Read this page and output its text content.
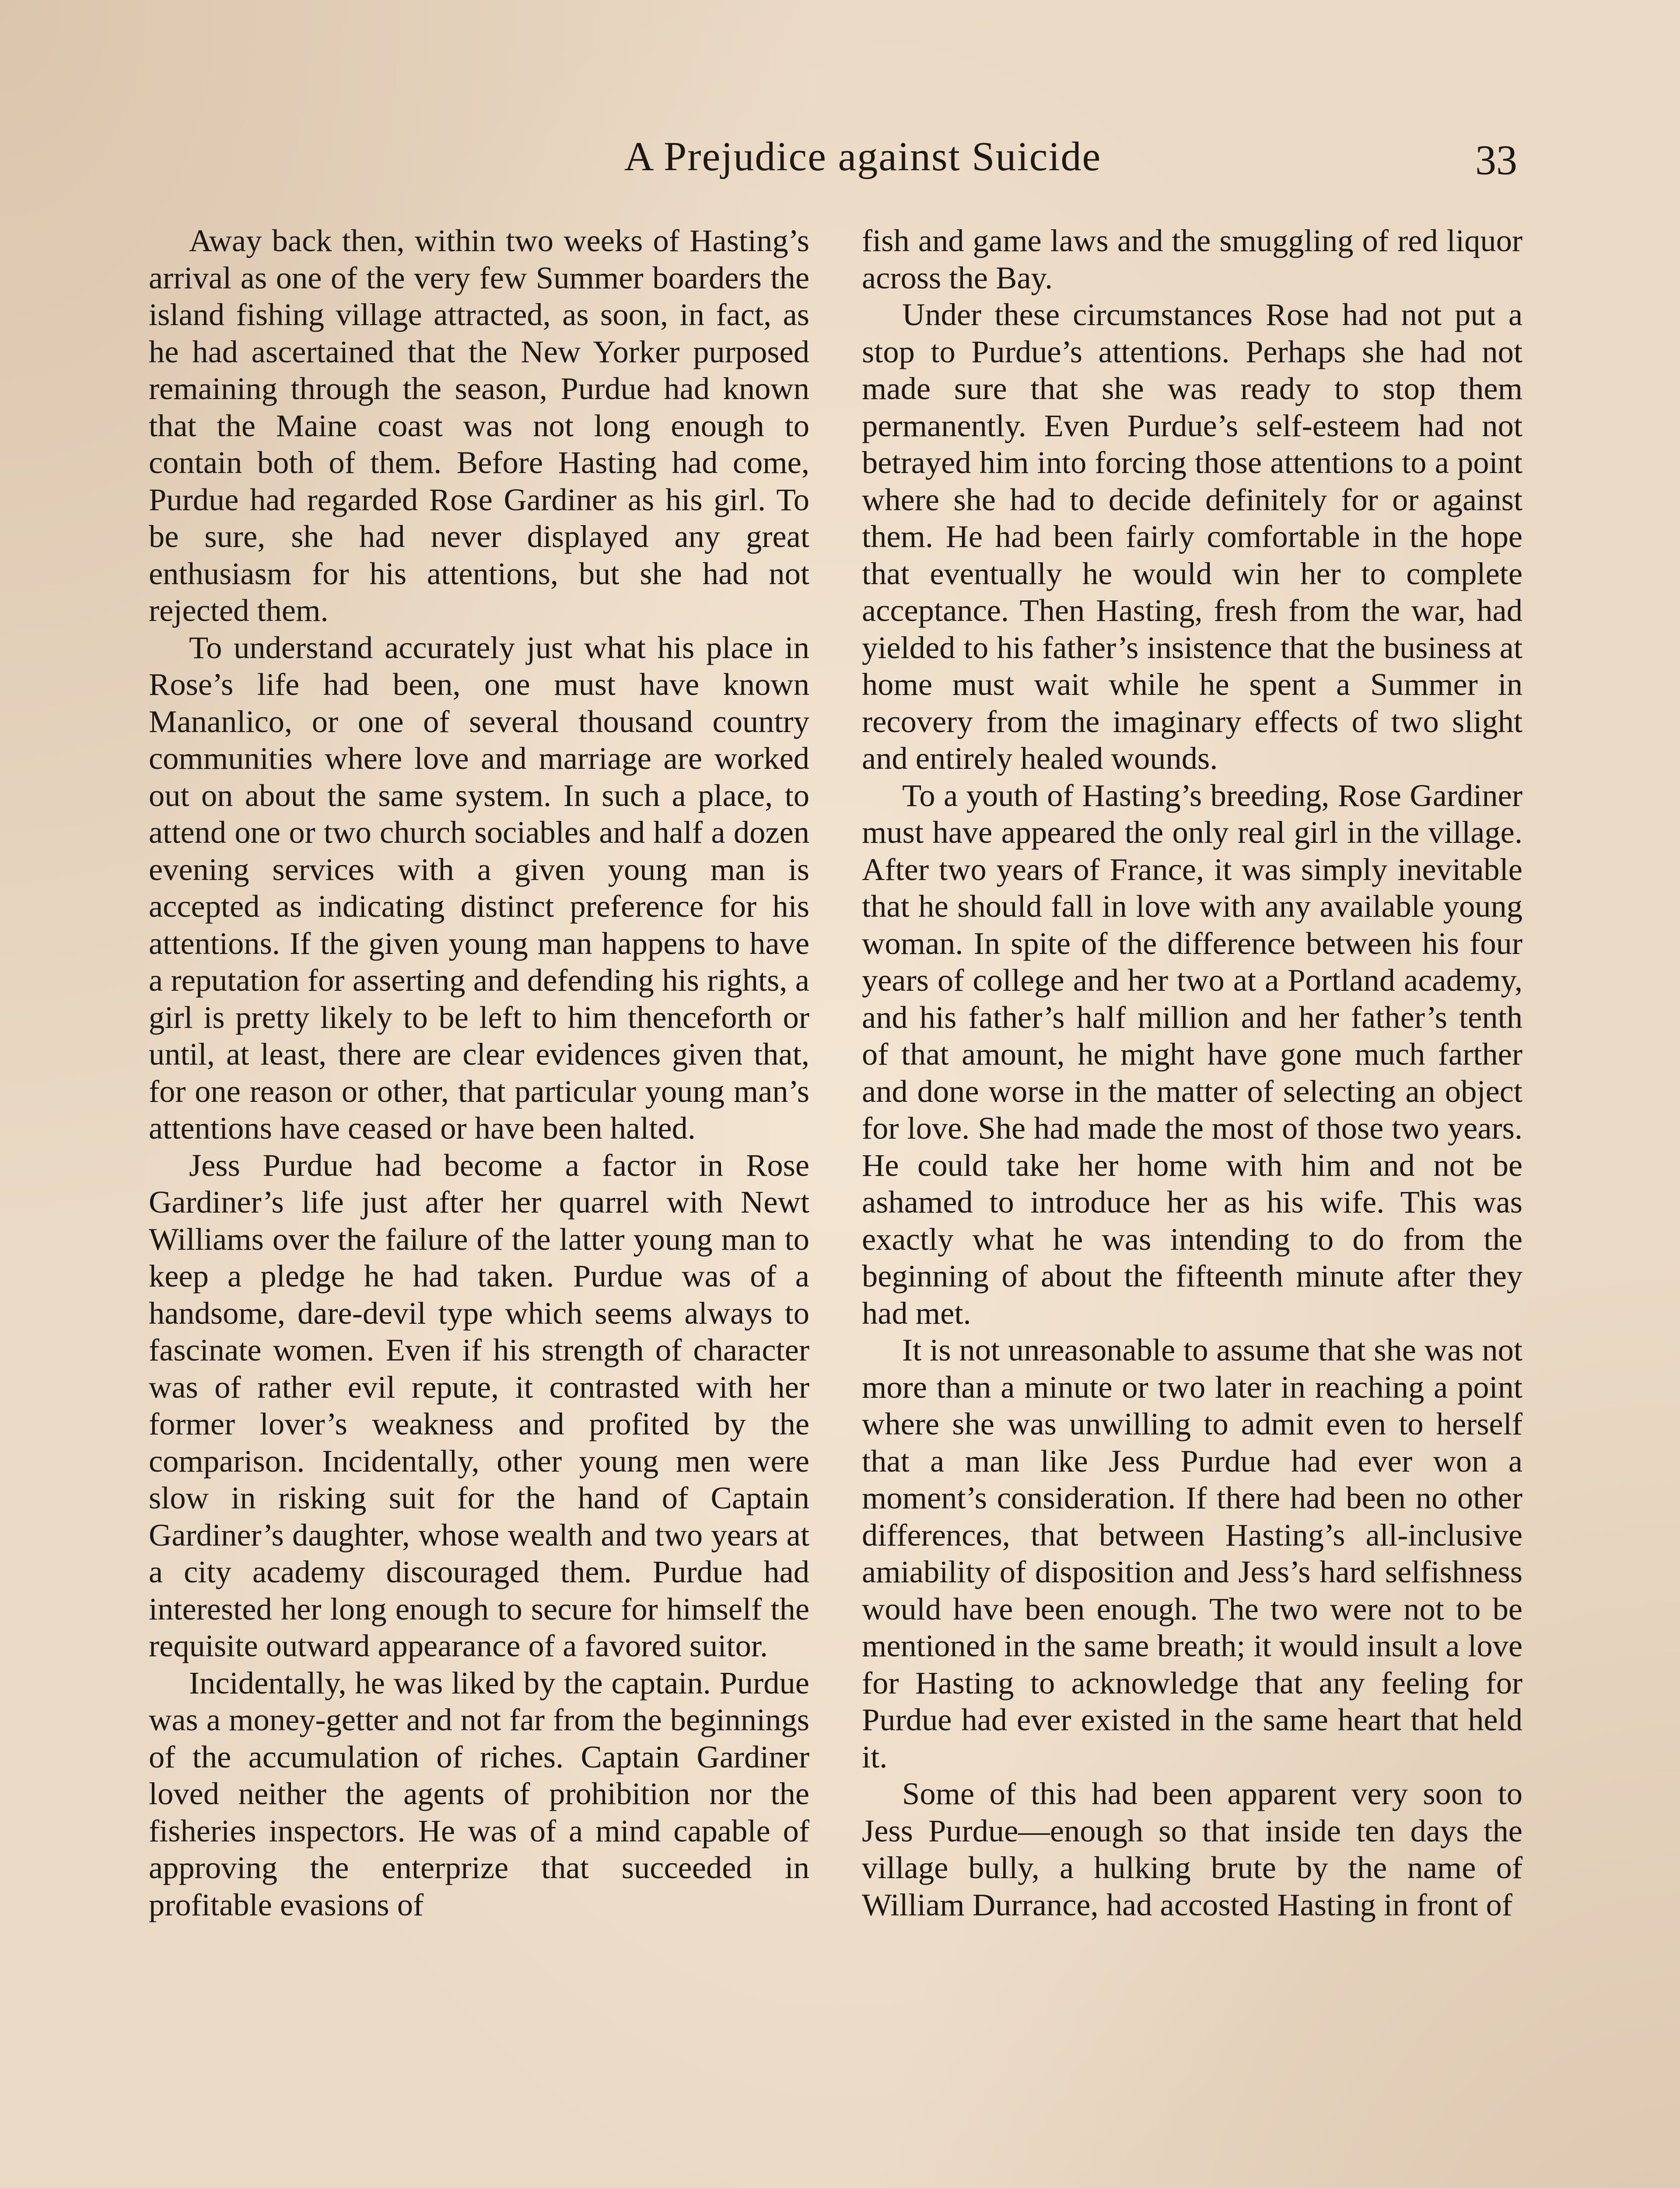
A Prejudice against Suicide	33

Away back then, within two weeks of Hasting’s arrival as one of the very few Summer boarders the island fishing village attracted, as soon, in fact, as he had ascertained that the New Yorker purposed remaining through the season, Purdue had known that the Maine coast was not long enough to contain both of them. Before Hasting had come, Purdue had regarded Rose Gardiner as his girl. To be sure, she had never displayed any great enthusiasm for his attentions, but she had not rejected them.

To understand accurately just what his place in Rose’s life had been, one must have known Mananlico, or one of several thousand country communities where love and marriage are worked out on about the same system. In such a place, to attend one or two church sociables and half a dozen evening services with a given young man is accepted as indicating distinct preference for his attentions. If the given young man happens to have a reputation for asserting and defending his rights, a girl is pretty likely to be left to him thenceforth or until, at least, there are clear evidences given that, for one reason or other, that particular young man’s attentions have ceased or have been halted.

Jess Purdue had become a factor in Rose Gardiner’s life just after her quarrel with Newt Williams over the failure of the latter young man to keep a pledge he had taken. Purdue was of a handsome, dare-devil type which seems always to fascinate women. Even if his strength of character was of rather evil repute, it contrasted with her former lover’s weakness and profited by the comparison. Incidentally, other young men were slow in risking suit for the hand of Captain Gardiner’s daughter, whose wealth and two years at a city academy discouraged them. Purdue had interested her long enough to secure for himself the requisite outward appearance of a favored suitor.

Incidentally, he was liked by the captain. Purdue was a money-getter and not far from the beginnings of the accumulation of riches. Captain Gardiner loved neither the agents of prohibition nor the fisheries inspectors. He was of a mind capable of approving the enterprize that succeeded in profitable evasions of

fish and game laws and the smuggling of red liquor across the Bay.

Under these circumstances Rose had not put a stop to Purdue’s attentions. Perhaps she had not made sure that she was ready to stop them permanently. Even Purdue’s self-esteem had not betrayed him into forcing those attentions to a point where she had to decide definitely for or against them. He had been fairly comfortable in the hope that eventually he would win her to complete acceptance. Then Hasting, fresh from the war, had yielded to his father’s insistence that the business at home must wait while he spent a Summer in recovery from the imaginary effects of two slight and entirely healed wounds.

To a youth of Hasting’s breeding, Rose Gardiner must have appeared the only real girl in the village. After two years of France, it was simply inevitable that he should fall in love with any available young woman. In spite of the difference between his four years of college and her two at a Portland academy, and his father’s half million and her father’s tenth of that amount, he might have gone much farther and done worse in the matter of selecting an object for love. She had made the most of those two years. He could take her home with him and not be ashamed to introduce her as his wife. This was exactly what he was intending to do from the beginning of about the fifteenth minute after they had met.

It is not unreasonable to assume that she was not more than a minute or two later in reaching a point where she was unwilling to admit even to herself that a man like Jess Purdue had ever won a moment’s consideration. If there had been no other differences, that between Hasting’s all-inclusive amiability of disposition and Jess’s hard selfishness would have been enough. The two were not to be mentioned in the same breath; it would insult a love for Hasting to acknowledge that any feeling for Purdue had ever existed in the same heart that held it.

Some of this had been apparent very soon to Jess Purdue—enough so that inside ten days the village bully, a hulking brute by the name of William Durrance, had accosted Hasting in front of
